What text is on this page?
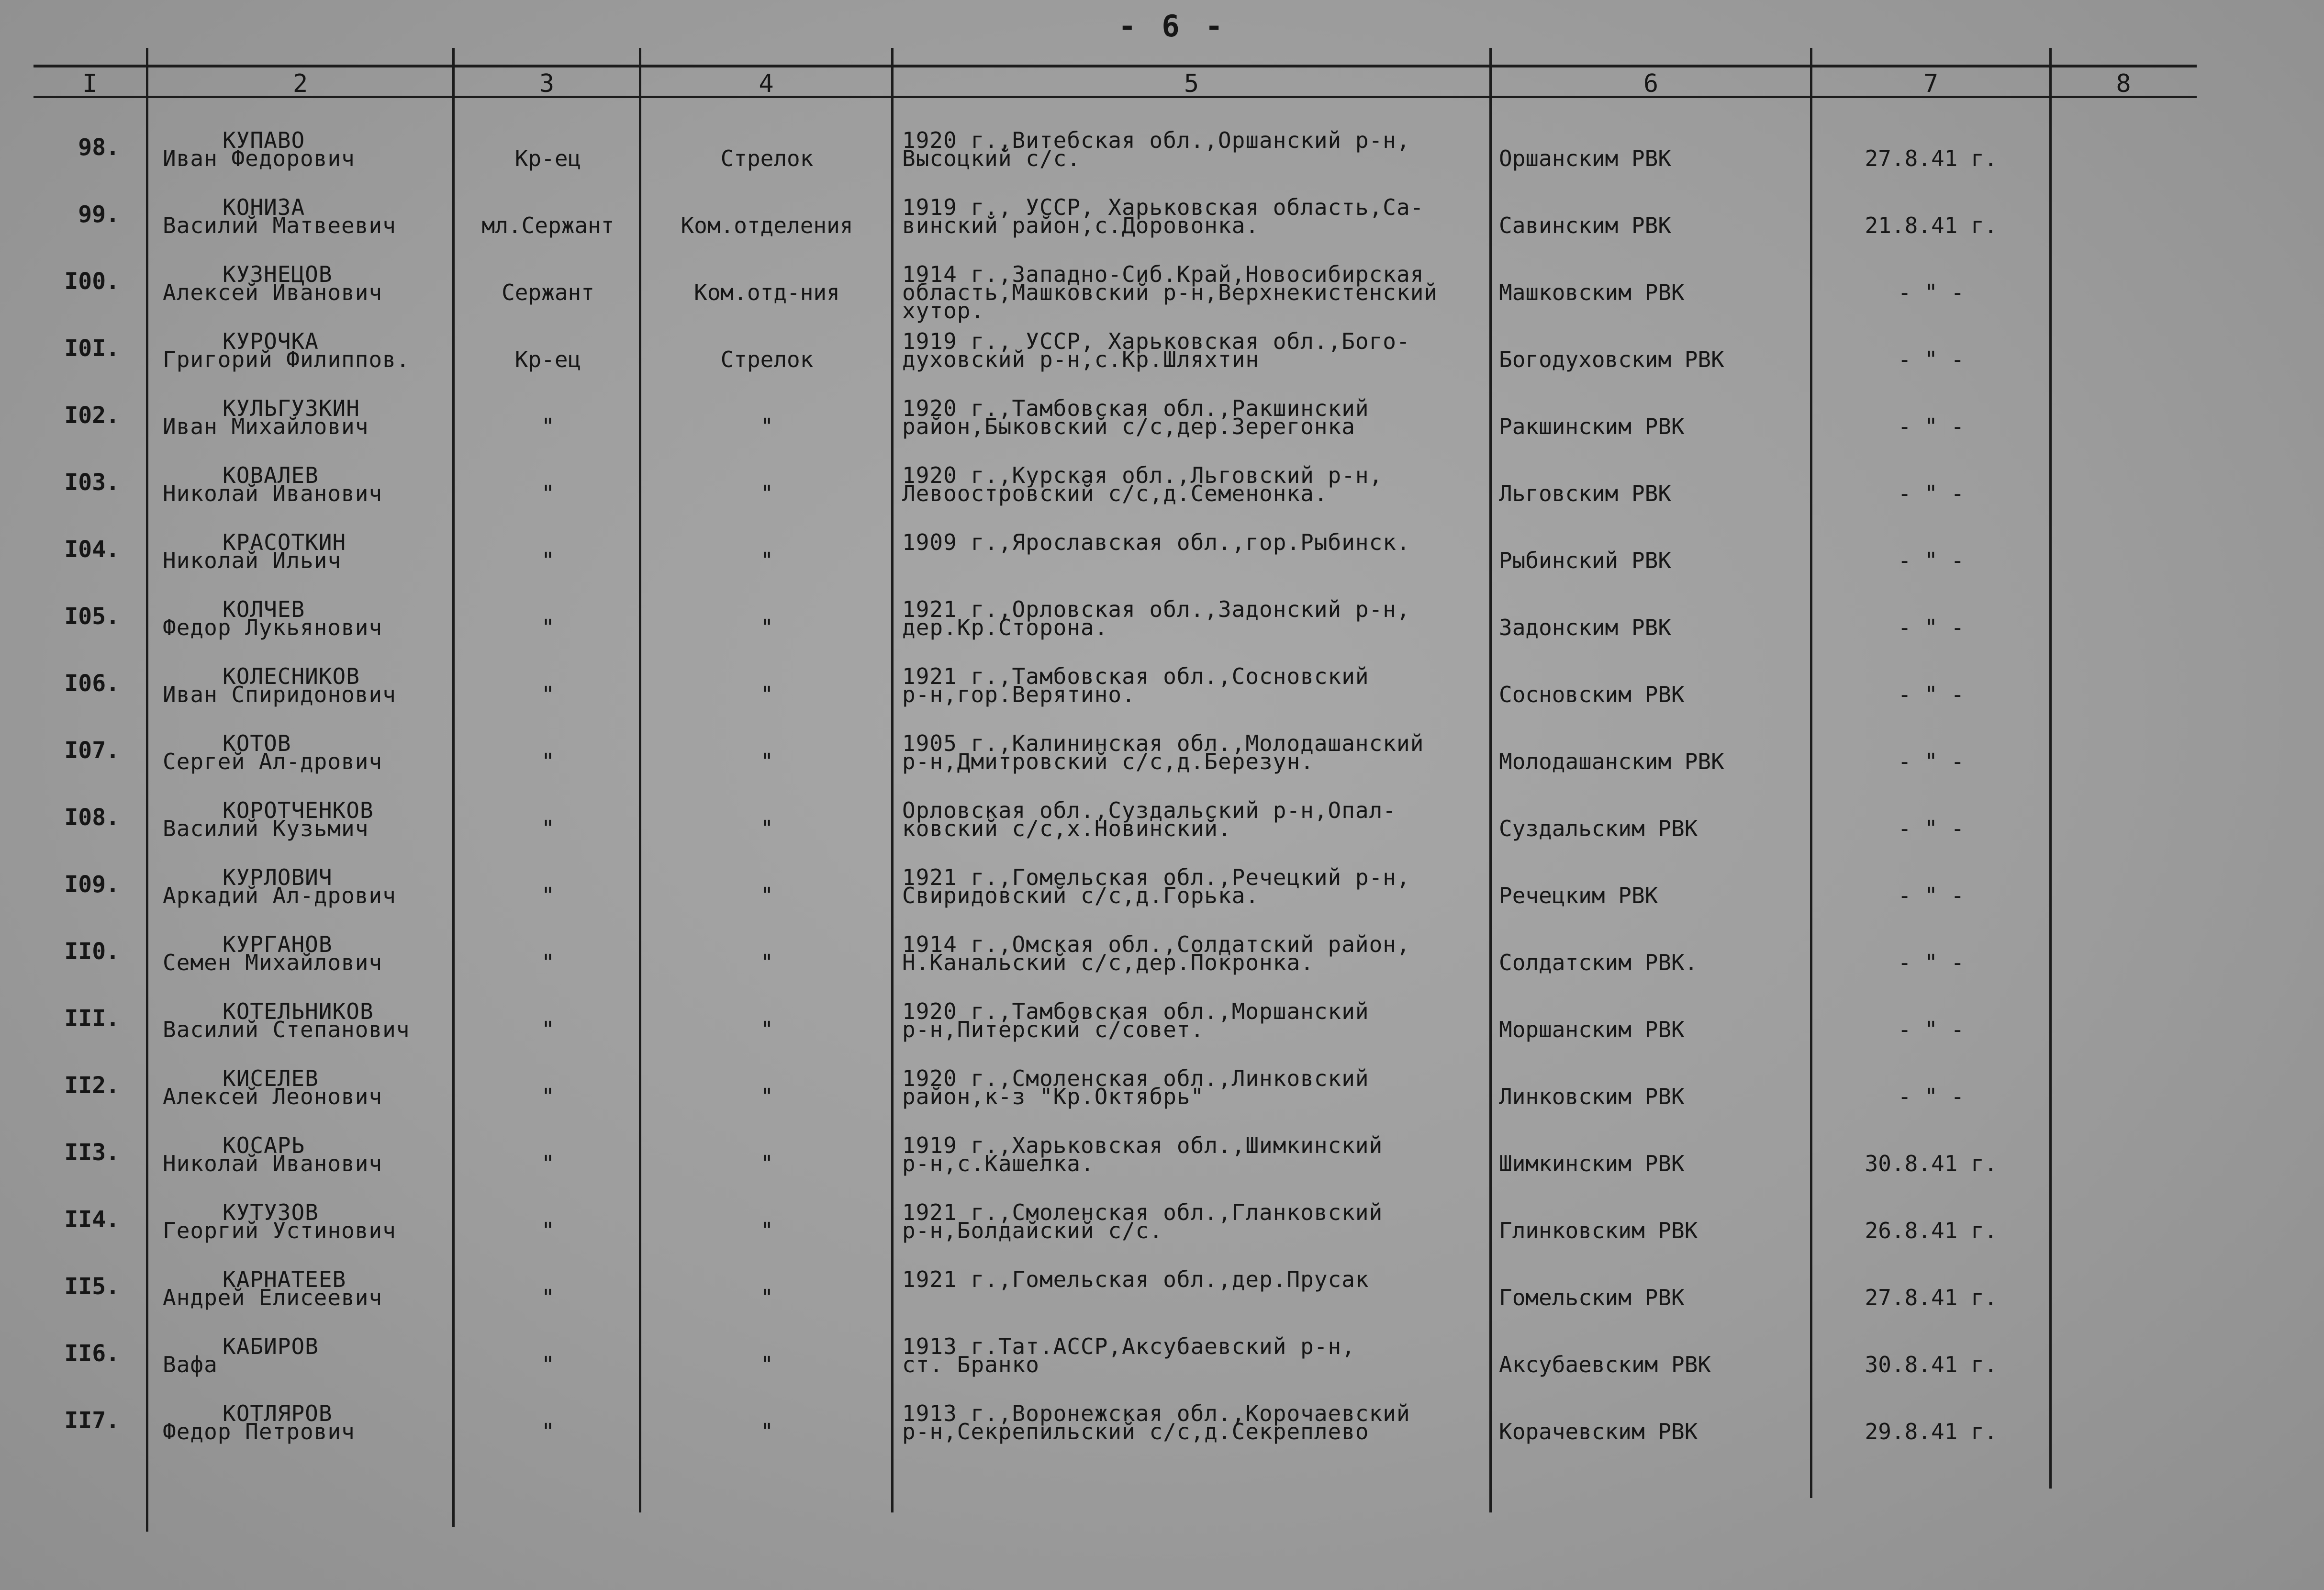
- 6 -
I	2	3	4	5	6	7	8
98.	КУПАВО
Иван Федорович	Кр-ец	Стрелок
1920 г.,Витебская обл.,Оршанский р-н,
Высоцкий с/с.	Оршанским РВК	27.8.41 г.
99.	КОНИЗА
Василий Матвеевич	мл.Сержант	Ком.отделения
1919 г., УССР, Харьковская область,Са-
винский район,с.Доровонка.	Савинским РВК	21.8.41 г.
I00.	КУЗНЕЦОВ
Алексей Иванович	Сержант	Ком.отд-ния
1914 г.,Западно-Сиб.Край,Новосибирская
область,Машковский р-н,Верхнекистенский
хутор.
Машковским РВК	- " -
I0I.	КУРОЧКА
Григорий Филиппов.	Кр-ец	Стрелок
1919 г., УССР, Харьковская обл.,Бого-
духовский р-н,с.Кр.Шляхтин	Богодуховским РВК	- " -
I02.	КУЛЬГУЗКИН
Иван Михайлович	"	"
1920 г.,Тамбовская обл.,Ракшинский
район,Быковский с/с,дер.Зерегонка	Ракшинским РВК	- " -
I03.	КОВАЛЕВ
Николай Иванович	"	"
1920 г.,Курская обл.,Льговский р-н,
Левоостровский с/с,д.Семенонка.	Льговским РВК	- " -
I04.	КРАСОТКИН
Николай Ильич	"	"
1909 г.,Ярославская обл.,гор.Рыбинск.
Рыбинский РВК	- " -
I05.	КОЛЧЕВ
Федор Лукьянович	"	"
1921 г.,Орловская обл.,Задонский р-н,
дер.Кр.Сторона.	Задонским РВК	- " -
I06.	КОЛЕСНИКОВ
Иван Спиридонович	"	"
1921 г.,Тамбовская обл.,Сосновский
р-н,гор.Верятино.	Сосновским РВК	- " -
I07.	КОТОВ
Сергей Ал-дрович	"	"
1905 г.,Калининская обл.,Молодашанский
р-н,Дмитровский с/с,д.Березун.	Молодашанским РВК	- " -
I08.	КОРОТЧЕНКОВ
Василий Кузьмич	"	"
Орловская обл.,Суздальский р-н,Опал-
ковский с/с,х.Новинский.	Суздальским РВК	- " -
I09.	КУРЛОВИЧ
Аркадий Ал-дрович	"	"
1921 г.,Гомельская обл.,Речецкий р-н,
Свиридовский с/с,д.Горька.	Речецким РВК	- " -
II0.	КУРГАНОВ
Семен Михайлович	"	"
1914 г.,Омская обл.,Солдатский район,
Н.Канальский с/с,дер.Покронка.	Солдатским РВК.	- " -
III.	КОТЕЛЬНИКОВ
Василий Степанович	"	"
1920 г.,Тамбовская обл.,Моршанский
р-н,Питерский с/совет.	Моршанским РВК	- " -
II2.	КИСЕЛЕВ
Алексей Леонович	"	"
1920 г.,Смоленская обл.,Линковский
район,к-з "Кр.Октябрь"	Линковским РВК	- " -
II3.	КОСАРЬ
Николай Иванович	"	"
1919 г.,Харьковская обл.,Шимкинский
р-н,с.Кашелка.	Шимкинским РВК	30.8.41 г.
II4.	КУТУЗОВ
Георгий Устинович	"	"
1921 г.,Смоленская обл.,Гланковский
р-н,Болдайский с/с.	Глинковским РВК	26.8.41 г.
II5.	КАРНАТЕЕВ
Андрей Елисеевич	"	"
1921 г.,Гомельская обл.,дер.Прусак
Гомельским РВК	27.8.41 г.
II6.	КАБИРОВ
Вафа	"	"
1913 г.Тат.АССР,Аксубаевский р-н,
ст. Бранко	Аксубаевским РВК	30.8.41 г.
II7.	КОТЛЯРОВ
Федор Петрович	"	"
1913 г.,Воронежская обл.,Корочаевский
р-н,Секрепильский с/с,д.Секреплево	Корачевским РВК	29.8.41 г.
